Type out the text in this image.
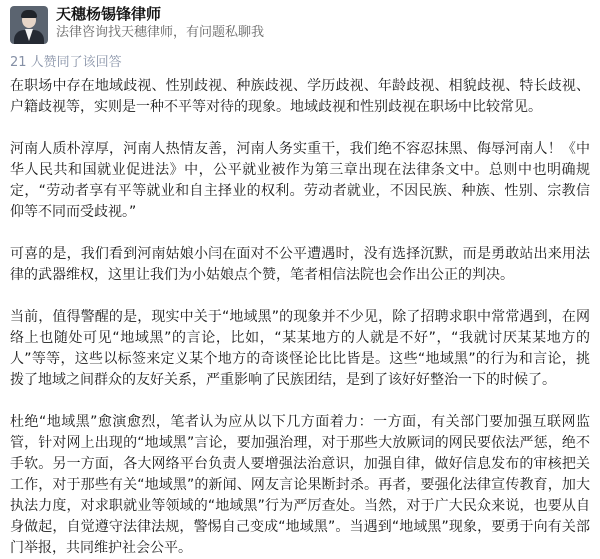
天穗杨锡锋律师
法律咨询找天穗律师，有问题私聊我
21 人赞同了该回答

在职场中存在地域歧视、性别歧视、种族歧视、学历歧视、年龄歧视、相貌歧视、特长歧视、户籍歧视等，实则是一种不平等对待的现象。地域歧视和性别歧视在职场中比较常见。

河南人质朴淳厚，河南人热情友善，河南人务实重干，我们绝不容忍抹黑、侮辱河南人！《中华人民共和国就业促进法》中，公平就业被作为第三章出现在法律条文中。总则中也明确规定，“劳动者享有平等就业和自主择业的权利。劳动者就业，不因民族、种族、性别、宗教信仰等不同而受歧视。”

可喜的是，我们看到河南姑娘小闫在面对不公平遭遇时，没有选择沉默，而是勇敢站出来用法律的武器维权，这里让我们为小姑娘点个赞，笔者相信法院也会作出公正的判决。

当前，值得警醒的是，现实中关于“地域黑”的现象并不少见，除了招聘求职中常常遇到，在网络上也随处可见“地域黑”的言论，比如，“某某地方的人就是不好”，“我就讨厌某某地方的人”等等，这些以标签来定义某个地方的奇谈怪论比比皆是。这些“地域黑”的行为和言论，挑拨了地域之间群众的友好关系，严重影响了民族团结，是到了该好好整治一下的时候了。

杜绝“地域黑”愈演愈烈，笔者认为应从以下几方面着力：一方面，有关部门要加强互联网监管，针对网上出现的“地域黑”言论，要加强治理，对于那些大放厥词的网民要依法严惩，绝不手软。另一方面，各大网络平台负责人要增强法治意识，加强自律，做好信息发布的审核把关工作，对于那些有关“地域黑”的新闻、网友言论果断封杀。再者，要强化法律宣传教育，加大执法力度，对求职就业等领域的“地域黑”行为严厉查处。当然，对于广大民众来说，也要从自身做起，自觉遵守法律法规，警惕自己变成“地域黑”。当遇到“地域黑”现象，要勇于向有关部门举报，共同维护社会公平。
